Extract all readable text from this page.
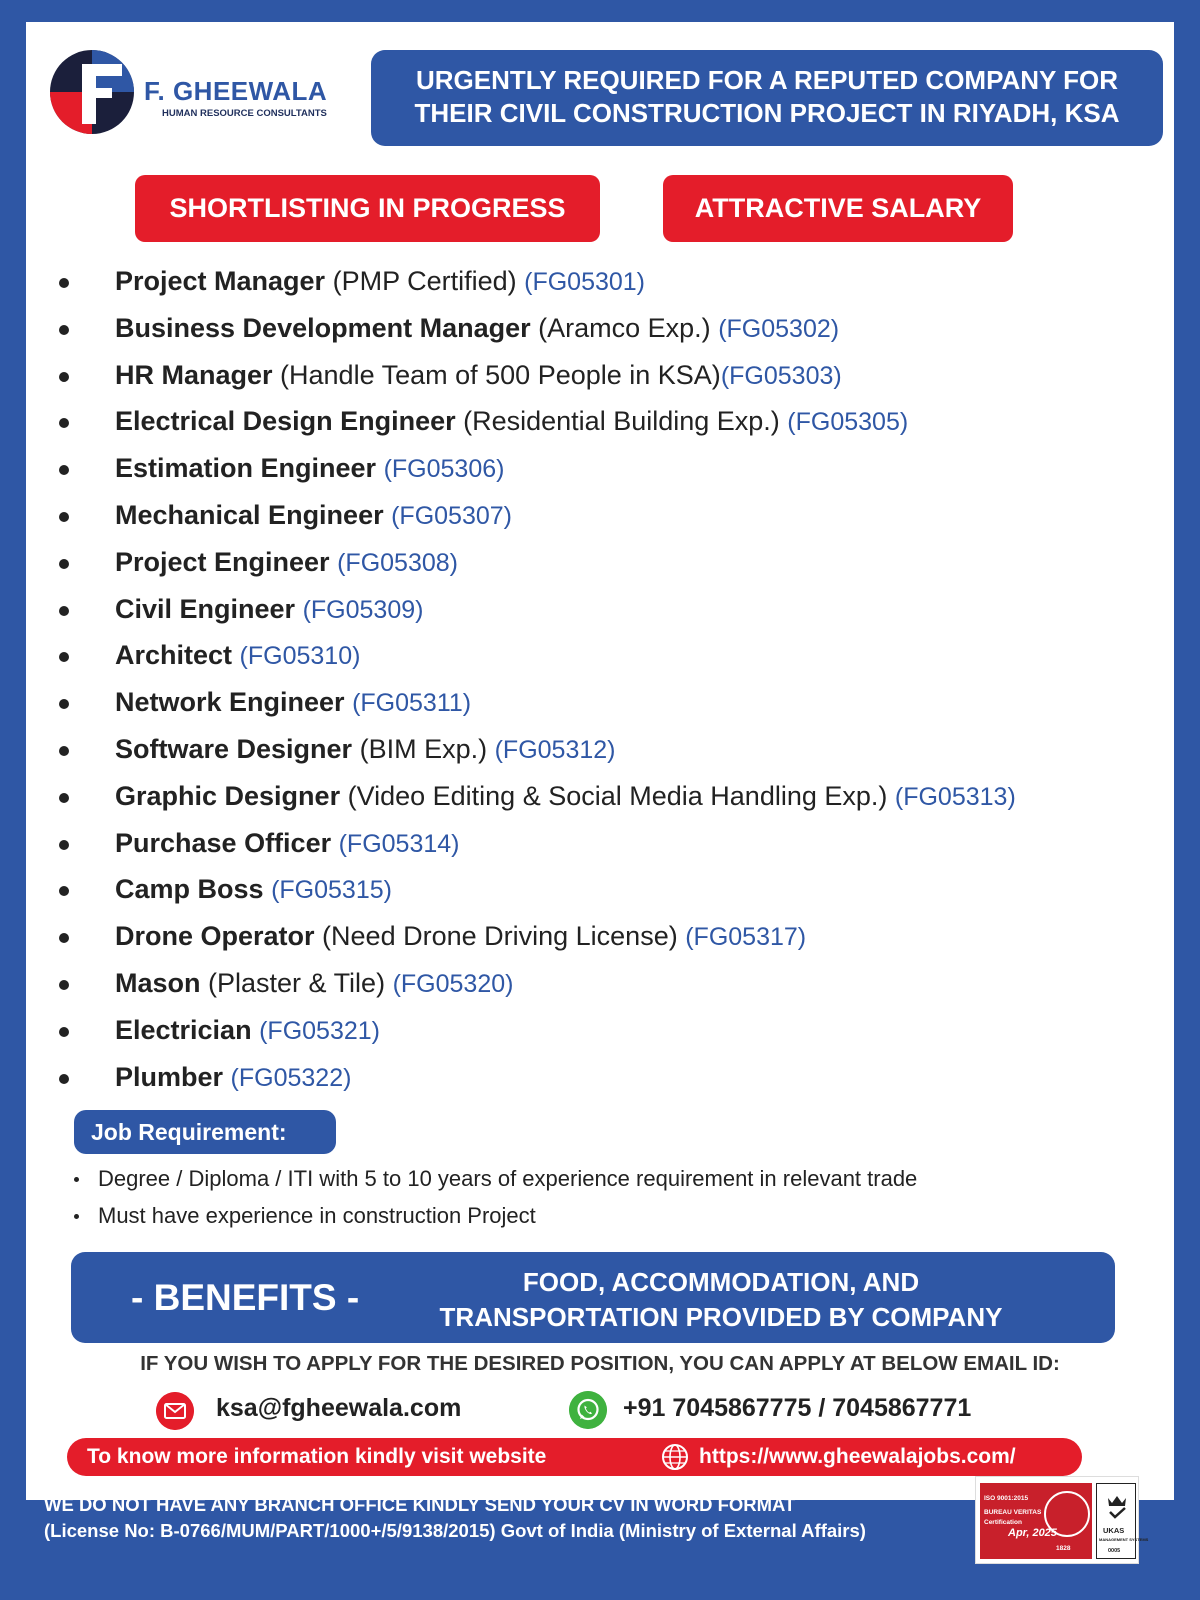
F. GHEEWALA
HUMAN RESOURCE CONSULTANTS
URGENTLY REQUIRED FOR A REPUTED COMPANY FOR
THEIR CIVIL CONSTRUCTION PROJECT IN RIYADH, KSA
SHORTLISTING IN PROGRESS	ATTRACTIVE SALARY
Project Manager (PMP Certified) (FG05301)
Business Development Manager (Aramco Exp.) (FG05302)
HR Manager (Handle Team of 500 People in KSA)(FG05303)
Electrical Design Engineer (Residential Building Exp.) (FG05305)
Estimation Engineer (FG05306)
Mechanical Engineer (FG05307)
Project Engineer (FG05308)
Civil Engineer (FG05309)
Architect (FG05310)
Network Engineer (FG05311)
Software Designer (BIM Exp.) (FG05312)
Graphic Designer (Video Editing & Social Media Handling Exp.) (FG05313)
Purchase Officer (FG05314)
Camp Boss (FG05315)
Drone Operator (Need Drone Driving License) (FG05317)
Mason (Plaster & Tile) (FG05320)
Electrician (FG05321)
Plumber (FG05322)
Job Requirement:
Degree / Diploma / ITI with 5 to 10 years of experience requirement in relevant trade
Must have experience in construction Project
- BENEFITS -	FOOD, ACCOMMODATION, AND
TRANSPORTATION PROVIDED BY COMPANY
IF YOU WISH TO APPLY FOR THE DESIRED POSITION, YOU CAN APPLY AT BELOW EMAIL ID:
ksa@fgheewala.com	+91 7045867775 / 7045867771
To know more information kindly visit website	https://www.gheewalajobs.com/
WE DO NOT HAVE ANY BRANCH OFFICE KINDLY SEND YOUR CV IN WORD FORMAT
(License No: B-0766/MUM/PART/1000+/5/9138/2015) Govt of India (Ministry of External Affairs)
ISO 9001:2015
BUREAU VERITAS
Certification
Apr, 2025
1828
UKAS
MANAGEMENT SYSTEMS
0005
